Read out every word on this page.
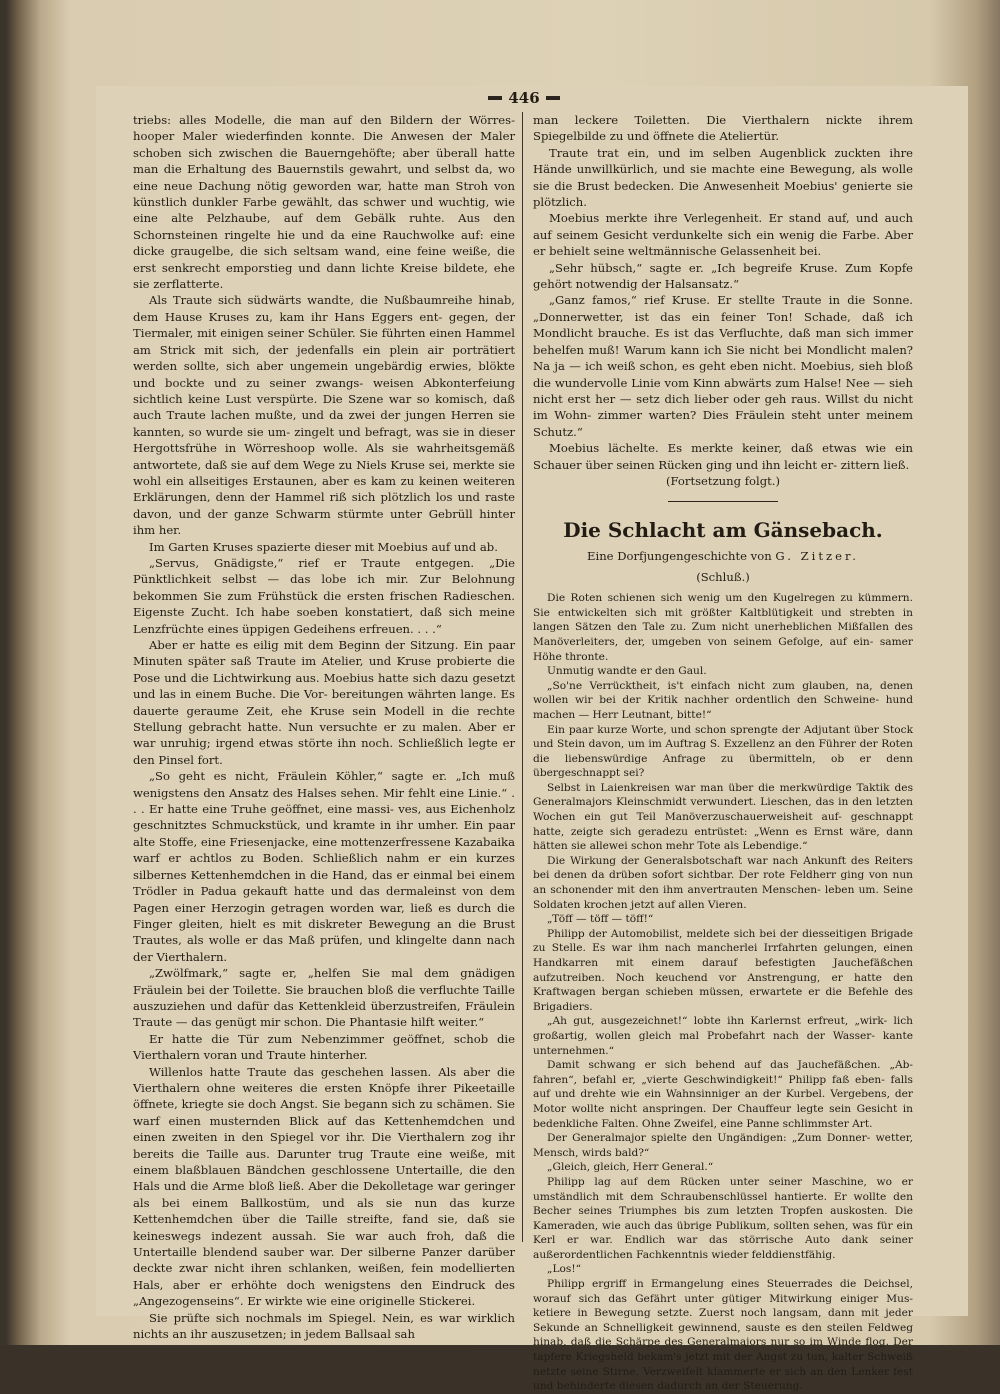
446

triebs: alles Modelle, die man auf den Bildern der Wörres- hooper Maler wiederfinden konnte. Die Anwesen der Maler schoben sich zwischen die Bauerngehöfte; aber überall hatte man die Erhaltung des Bauernstils gewahrt, und selbst da, wo eine neue Dachung nötig geworden war, hatte man Stroh von künstlich dunkler Farbe gewählt, das schwer und wuchtig, wie eine alte Pelzhaube, auf dem Gebälk ruhte. Aus den Schornsteinen ringelte hie und da eine Rauchwolke auf: eine dicke graugelbe, die sich seltsam wand, eine feine weiße, die erst senkrecht emporstieg und dann lichte Kreise bildete, ehe sie zerflatterte.

Als Traute sich südwärts wandte, die Nußbaumreihe hinab, dem Hause Kruses zu, kam ihr Hans Eggers ent- gegen, der Tiermaler, mit einigen seiner Schüler. Sie führten einen Hammel am Strick mit sich, der jedenfalls ein plein air porträtiert werden sollte, sich aber ungemein ungebärdig erwies, blökte und bockte und zu seiner zwangs- weisen Abkonterfeiung sichtlich keine Lust verspürte. Die Szene war so komisch, daß auch Traute lachen mußte, und da zwei der jungen Herren sie kannten, so wurde sie um- zingelt und befragt, was sie in dieser Hergottsfrühe in Wörreshoop wolle. Als sie wahrheitsgemäß antwortete, daß sie auf dem Wege zu Niels Kruse sei, merkte sie wohl ein allseitiges Erstaunen, aber es kam zu keinen weiteren Erklärungen, denn der Hammel riß sich plötzlich los und raste davon, und der ganze Schwarm stürmte unter Gebrüll hinter ihm her.

Im Garten Kruses spazierte dieser mit Moebius auf und ab.

„Servus, Gnädigste,“ rief er Traute entgegen. „Die Pünktlichkeit selbst — das lobe ich mir. Zur Belohnung bekommen Sie zum Frühstück die ersten frischen Radieschen. Eigenste Zucht. Ich habe soeben konstatiert, daß sich meine Lenzfrüchte eines üppigen Gedeihens erfreuen. . . .“

Aber er hatte es eilig mit dem Beginn der Sitzung. Ein paar Minuten später saß Traute im Atelier, und Kruse probierte die Pose und die Lichtwirkung aus. Moebius hatte sich dazu gesetzt und las in einem Buche. Die Vor- bereitungen währten lange. Es dauerte geraume Zeit, ehe Kruse sein Modell in die rechte Stellung gebracht hatte. Nun versuchte er zu malen. Aber er war unruhig; irgend etwas störte ihn noch. Schließlich legte er den Pinsel fort.

„So geht es nicht, Fräulein Köhler,“ sagte er. „Ich muß wenigstens den Ansatz des Halses sehen. Mir fehlt eine Linie.“ . . . Er hatte eine Truhe geöffnet, eine massi- ves, aus Eichenholz geschnitztes Schmuckstück, und kramte in ihr umher. Ein paar alte Stoffe, eine Friesenjacke, eine mottenzerfressene Kazabaika warf er achtlos zu Boden. Schließlich nahm er ein kurzes silbernes Kettenhemdchen in die Hand, das er einmal bei einem Trödler in Padua gekauft hatte und das dermaleinst von dem Pagen einer Herzogin getragen worden war, ließ es durch die Finger gleiten, hielt es mit diskreter Bewegung an die Brust Trautes, als wolle er das Maß prüfen, und klingelte dann nach der Vierthalern.

„Zwölfmark,“ sagte er, „helfen Sie mal dem gnädigen Fräulein bei der Toilette. Sie brauchen bloß die verfluchte Taille auszuziehen und dafür das Kettenkleid überzustreifen, Fräulein Traute — das genügt mir schon. Die Phantasie hilft weiter.“

Er hatte die Tür zum Nebenzimmer geöffnet, schob die Vierthalern voran und Traute hinterher.

Willenlos hatte Traute das geschehen lassen. Als aber die Vierthalern ohne weiteres die ersten Knöpfe ihrer Pikeetaille öffnete, kriegte sie doch Angst. Sie begann sich zu schämen. Sie warf einen musternden Blick auf das Kettenhemdchen und einen zweiten in den Spiegel vor ihr. Die Vierthalern zog ihr bereits die Taille aus. Darunter trug Traute eine weiße, mit einem blaßblauen Bändchen geschlossene Untertaille, die den Hals und die Arme bloß ließ. Aber die Dekolletage war geringer als bei einem Ballkostüm, und als sie nun das kurze Kettenhemdchen über die Taille streifte, fand sie, daß sie keineswegs indezent aussah. Sie war auch froh, daß die Untertaille blendend sauber war. Der silberne Panzer darüber deckte zwar nicht ihren schlanken, weißen, fein modellierten Hals, aber er erhöhte doch wenigstens den Eindruck des „Angezogenseins“. Er wirkte wie eine originelle Stickerei.

Sie prüfte sich nochmals im Spiegel. Nein, es war wirklich nichts an ihr auszusetzen; in jedem Ballsaal sah

man leckere Toiletten. Die Vierthalern nickte ihrem Spiegelbilde zu und öffnete die Ateliertür.

Traute trat ein, und im selben Augenblick zuckten ihre Hände unwillkürlich, und sie machte eine Bewegung, als wolle sie die Brust bedecken. Die Anwesenheit Moebius' genierte sie plötzlich.

Moebius merkte ihre Verlegenheit. Er stand auf, und auch auf seinem Gesicht verdunkelte sich ein wenig die Farbe. Aber er behielt seine weltmännische Gelassenheit bei.

„Sehr hübsch,“ sagte er. „Ich begreife Kruse. Zum Kopfe gehört notwendig der Halsansatz.“

„Ganz famos,“ rief Kruse. Er stellte Traute in die Sonne. „Donnerwetter, ist das ein feiner Ton! Schade, daß ich Mondlicht brauche. Es ist das Verfluchte, daß man sich immer behelfen muß! Warum kann ich Sie nicht bei Mondlicht malen? Na ja — ich weiß schon, es geht eben nicht. Moebius, sieh bloß die wundervolle Linie vom Kinn abwärts zum Halse! Nee — sieh nicht erst her — setz dich lieber oder geh raus. Willst du nicht im Wohn- zimmer warten? Dies Fräulein steht unter meinem Schutz.“

Moebius lächelte. Es merkte keiner, daß etwas wie ein Schauer über seinen Rücken ging und ihn leicht er- zittern ließ.

(Fortsetzung folgt.)

Die Schlacht am Gänsebach.
Eine Dorfjungengeschichte von G. Zitzer.
(Schluß.)

Die Roten schienen sich wenig um den Kugelregen zu kümmern. Sie entwickelten sich mit größter Kaltblütigkeit und strebten in langen Sätzen den Tale zu. Zum nicht unerheblichen Mißfallen des Manöverleiters, der, umgeben von seinem Gefolge, auf ein- samer Höhe thronte.

Unmutig wandte er den Gaul.

„So'ne Verrücktheit, is't einfach nicht zum glauben, na, denen wollen wir bei der Kritik nachher ordentlich den Schweine- hund machen — Herr Leutnant, bitte!“

Ein paar kurze Worte, und schon sprengte der Adjutant über Stock und Stein davon, um im Auftrag S. Exzellenz an den Führer der Roten die liebenswürdige Anfrage zu übermitteln, ob er denn übergeschnappt sei?

Selbst in Laienkreisen war man über die merkwürdige Taktik des Generalmajors Kleinschmidt verwundert. Lieschen, das in den letzten Wochen ein gut Teil Manöverzuschauerweisheit auf- geschnappt hatte, zeigte sich geradezu entrüstet: „Wenn es Ernst wäre, dann hätten sie allewei schon mehr Tote als Lebendige.“

Die Wirkung der Generalsbotschaft war nach Ankunft des Reiters bei denen da drüben sofort sichtbar. Der rote Feldherr ging von nun an schonender mit den ihm anvertrauten Menschen- leben um. Seine Soldaten krochen jetzt auf allen Vieren.

„Töff — töff — töff!“

Philipp der Automobilist, meldete sich bei der diesseitigen Brigade zu Stelle. Es war ihm nach mancherlei Irrfahrten gelungen, einen Handkarren mit einem darauf befestigten Jauchefäßchen aufzutreiben. Noch keuchend vor Anstrengung, er hatte den Kraftwagen bergan schieben müssen, erwartete er die Befehle des Brigadiers.

„Ah gut, ausgezeichnet!“ lobte ihn Karlernst erfreut, „wirk- lich großartig, wollen gleich mal Probefahrt nach der Wasser- kante unternehmen.“

Damit schwang er sich behend auf das Jauchefäßchen. „Ab- fahren“, befahl er, „vierte Geschwindigkeit!“ Philipp faß eben- falls auf und drehte wie ein Wahnsinniger an der Kurbel. Vergebens, der Motor wollte nicht anspringen. Der Chauffeur legte sein Gesicht in bedenkliche Falten. Ohne Zweifel, eine Panne schlimmster Art.

Der Generalmajor spielte den Ungändigen: „Zum Donner- wetter, Mensch, wirds bald?“

„Gleich, gleich, Herr General.“

Philipp lag auf dem Rücken unter seiner Maschine, wo er umständlich mit dem Schraubenschlüssel hantierte. Er wollte den Becher seines Triumphes bis zum letzten Tropfen auskosten. Die Kameraden, wie auch das übrige Publikum, sollten sehen, was für ein Kerl er war. Endlich war das störrische Auto dank seiner außerordentlichen Fachkenntnis wieder felddienstfähig.

„Los!“

Philipp ergriff in Ermangelung eines Steuerrades die Deichsel, worauf sich das Gefährt unter gütiger Mitwirkung einiger Mus- ketiere in Bewegung setzte. Zuerst noch langsam, dann mit jeder Sekunde an Schnelligkeit gewinnend, sauste es den steilen Feldweg hinab, daß die Schärpe des Generalmajors nur so im Winde flog. Der tapfere Kriegsheld bekam's jetzt mit der Angst zu tun, kalter Schweiß netzte seine Stirne. Verzweifelt klammerte er sich an den Lenker fest und behinderte diesen dadurch an der Steuerung.
